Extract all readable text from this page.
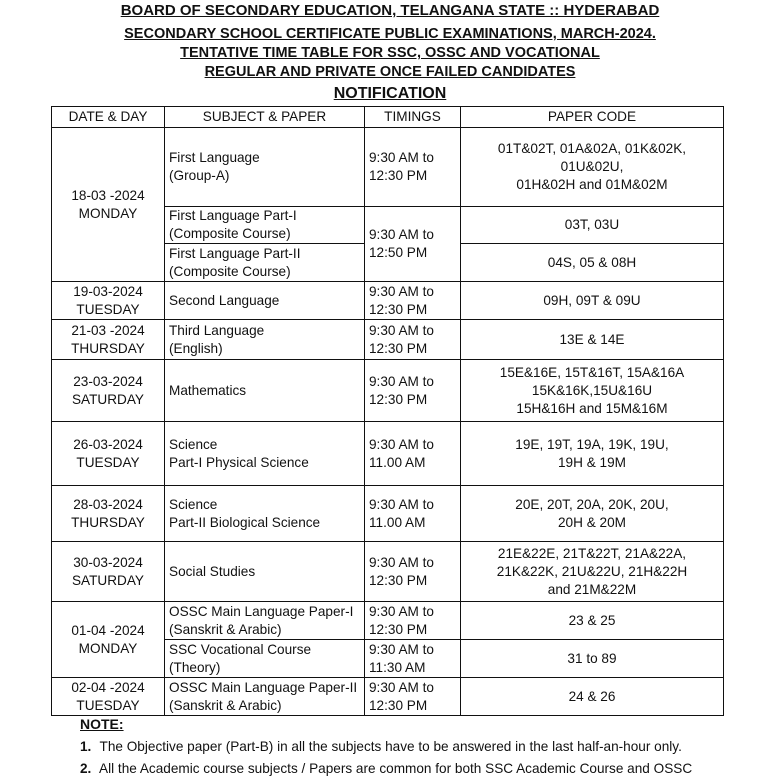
BOARD OF SECONDARY EDUCATION, TELANGANA STATE :: HYDERABAD
SECONDARY SCHOOL CERTIFICATE PUBLIC EXAMINATIONS, MARCH-2024.
TENTATIVE TIME TABLE FOR SSC, OSSC AND VOCATIONAL
REGULAR AND PRIVATE ONCE FAILED CANDIDATES
NOTIFICATION
DATE & DAY	SUBJECT & PAPER	TIMINGS	PAPER CODE

18-03 -2024
MONDAY	First Language
(Group-A)	9:30 AM to
12:30 PM	01T&02T, 01A&02A, 01K&02K,
01U&02U,
01H&02H and 01M&02M

	First Language Part-I
(Composite Course)	9:30 AM to
12:50 PM	03T, 03U

	First Language Part-II
(Composite Course)		04S, 05 & 08H

19-03-2024
TUESDAY	Second Language	9:30 AM to
12:30 PM	09H, 09T & 09U

21-03 -2024
THURSDAY	Third Language
(English)	9:30 AM to
12:30 PM	13E & 14E

23-03-2024
SATURDAY	Mathematics	9:30 AM to
12:30 PM	15E&16E, 15T&16T, 15A&16A
15K&16K,15U&16U
15H&16H and 15M&16M

26-03-2024
TUESDAY	Science
Part-I Physical Science	9:30 AM to
11.00 AM	19E, 19T, 19A, 19K, 19U,
19H & 19M

28-03-2024
THURSDAY	Science
Part-II Biological Science	9:30 AM to
11.00 AM	20E, 20T, 20A, 20K, 20U,
20H & 20M

30-03-2024
SATURDAY	Social Studies	9:30 AM to
12:30 PM	21E&22E, 21T&22T, 21A&22A,
21K&22K, 21U&22U, 21H&22H
and 21M&22M

01-04 -2024
MONDAY	OSSC Main Language Paper-I
(Sanskrit & Arabic)	9:30 AM to
12:30 PM	23 & 25

	SSC Vocational Course
(Theory)	9:30 AM to
11:30 AM	31 to 89

02-04 -2024
TUESDAY	OSSC Main Language Paper-II
(Sanskrit & Arabic)	9:30 AM to
12:30 PM	24 & 26
NOTE:
1. The Objective paper (Part-B) in all the subjects have to be answered in the last half-an-hour only.
2. All the Academic course subjects / Papers are common for both SSC Academic Course and OSSC
